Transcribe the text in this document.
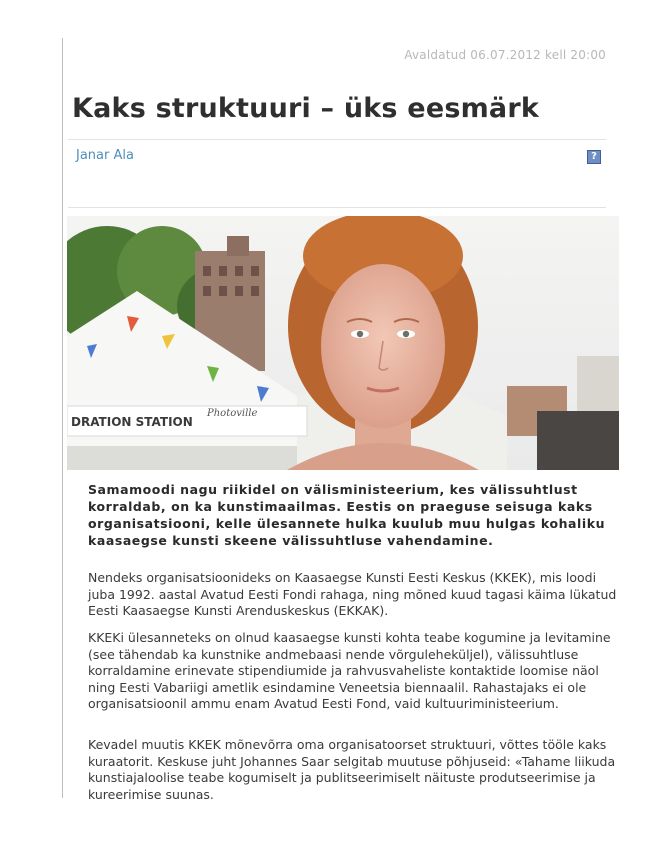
Avaldatud 06.07.2012 kell 20:00
Kaks struktuuri – üks eesmärk
Janar Ala	?
DRATION STATION
Photoville

Samamoodi nagu riikidel on välisministeerium, kes välissuhtlust korraldab, on ka kunstimaailmas. Eestis on praeguse seisuga kaks organisatsiooni, kelle ülesannete hulka kuulub muu hulgas kohaliku kaasaegse kunsti skeene välissuhtluse vahendamine.

Nendeks organisatsioonideks on Kaasaegse Kunsti Eesti Keskus (KKEK), mis loodi juba 1992. aastal Avatud Eesti Fondi rahaga, ning mõned kuud tagasi käima lükatud Eesti Kaasaegse Kunsti Arenduskeskus (EKKAK).

KKEKi ülesanneteks on olnud kaasaegse kunsti kohta teabe kogumine ja levitamine (see tähendab ka kunstnike andmebaasi nende võrguleheküljel), välissuhtluse korraldamine erinevate stipendiumide ja rahvusvaheliste kontaktide loomise näol ning Eesti Vabariigi ametlik esindamine Veneetsia biennaalil. Rahastajaks ei ole organisatsioonil ammu enam Avatud Eesti Fond, vaid kultuuriministeerium.

Kevadel muutis KKEK mõnevõrra oma organisatoorset struktuuri, võttes tööle kaks kuraatorit. Keskuse juht Johannes Saar selgitab muutuse põhjuseid: «Tahame liikuda kunstiajaloolise teabe kogumiselt ja publitseerimiselt näituste produtseerimise ja kureerimise suunas.
